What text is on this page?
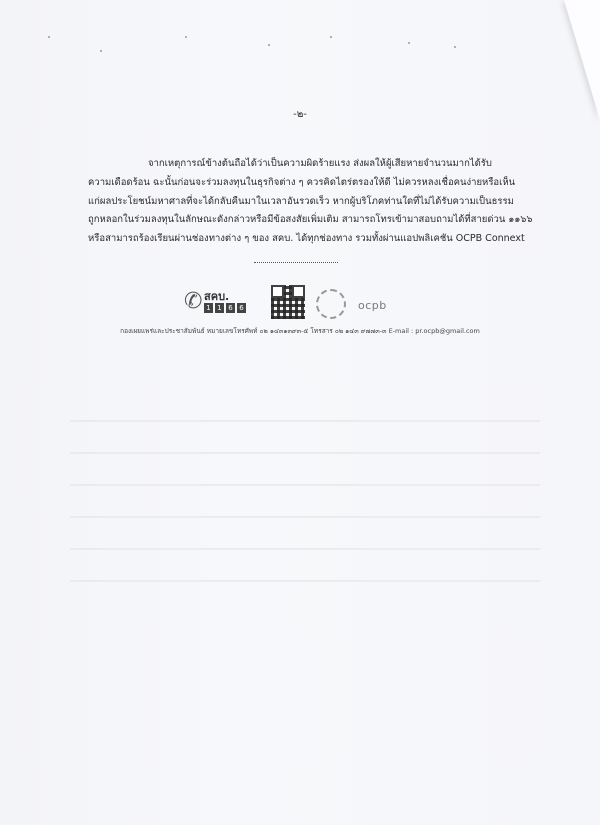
-๒-
จากเหตุการณ์ข้างต้นถือได้ว่าเป็นความผิดร้ายแรง ส่งผลให้ผู้เสียหายจำนวนมากได้รับ
ความเดือดร้อน ฉะนั้นก่อนจะร่วมลงทุนในธุรกิจต่าง ๆ ควรคิดไตร่ตรองให้ดี ไม่ควรหลงเชื่อคนง่ายหรือเห็น
แก่ผลประโยชน์มหาศาลที่จะได้กลับคืนมาในเวลาอันรวดเร็ว หากผู้บริโภคท่านใดที่ไม่ได้รับความเป็นธรรม
ถูกหลอกในร่วมลงทุนในลักษณะดังกล่าวหรือมีข้อสงสัยเพิ่มเติม สามารถโทรเข้ามาสอบถามได้ที่สายด่วน ๑๑๖๖
หรือสามารถร้องเรียนผ่านช่องทางต่าง ๆ ของ สคบ. ได้ทุกช่องทาง รวมทั้งผ่านแอปพลิเคชัน OCPB Connext
✆ สคบ.
1 1 6 6	ocpb
กองเผยแพร่และประชาสัมพันธ์ หมายเลขโทรศัพท์ ๐๒ ๑๔๓๑๓๙๓-๕ โทรสาร ๐๒ ๑๔๓ ๙๗๗๓-๓ E-mail : pr.ocpb@gmail.com
